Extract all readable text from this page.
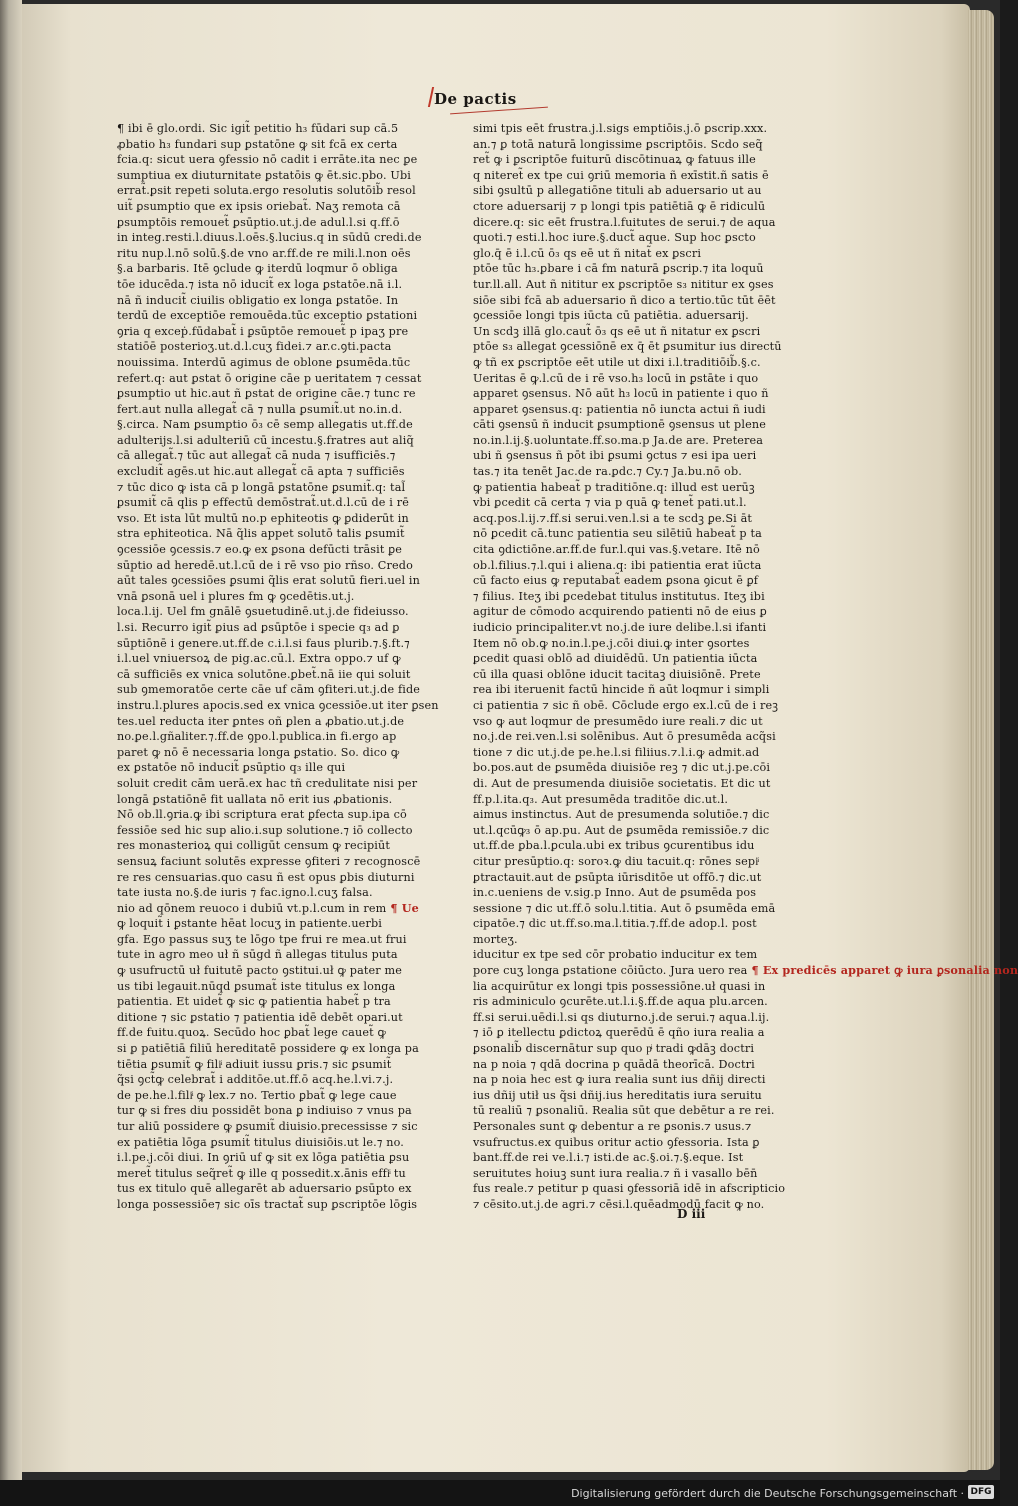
De pactis
¶ ibi ē glo.ordi. Sic igit̃ petitio h₃ fūdari sup cā.5
ꝓbatio h₃ fundari sup ꝑstatōne ꝙ sit fcā ex certa
fcia.q: sicut uera ꝯfessio nō cadit i errāte.ita nec ꝑe
sumptiua ex diuturnitate ꝑstatōis ꝙ ēt.sic.pbo. Ubi
errat̃.ꝑsit repeti soluta.ergo resolutis solutōib̃ resol
uit̃ ꝑsumptio que ex ipsis oriebat̃. Naʒ remota cā
ꝑsumptōis remouet̃ ꝑsūptio.ut.j.de adul.l.si q.ff.ō
in integ.resti.l.diuus.l.oēs.§.lucius.q in sūdū credi.de
ritu nup.l.nō solū.§.de vno ar.ff.de re mili.l.non oēs
§.a barbaris. Itē ꝯclude ꝙ iterdū loqmur ō obliga
tōe iducēda.⁊ ista nō iducit̃ ex loga ꝑstatōe.nā i.l.
nā ñ inducit̃ ciuilis obligatio ex longa ꝑstatōe. In
terdū de exceptiōe remouēda.tūc exceptio ꝑstationi
ꝯria q exceṗ.fūdabat̃ i ꝑsūptōe remouet̃ p ipaʒ pre
statiōē posterioʒ.ut.d.l.cuʒ fidei.⁊ ar.c.ꝯti.pacta
nouissima. Interdū agimus de oblone ꝑsumēda.tūc
refert.q: aut ꝑstat ō origine cāe p ueritatem ⁊ cessat
ꝑsumptio ut hic.aut ñ ꝑstat de origine cāe.⁊ tunc re
fert.aut nulla allegat̃ cā ⁊ nulla ꝑsumit̃.ut no.in.d.
§.circa. Nam ꝑsumptio ō₃ cē semp allegatis ut.ff.de
adulterijs.l.si adulteriū cū incestu.§.fratres aut aliq̃
cā allegat̃.⁊ tūc aut allegat̃ cā nuda ⁊ isufficiēs.⁊
excludit̃ agēs.ut hic.aut allegat̃ cā apta ⁊ sufficiēs
⁊ tūc dico ꝙ ista cā p longā ꝑstatōne ꝑsumit̃.q: tal̃
ꝑsumit̃ cā qlis p effectū demōstrat̃.ut.d.l.cū de i rē
vso. Et ista lūt multū no.p ephiteotis ꝙ ꝑdiderūt in
stra ephiteotica. Nā q̃lis appet solutō talis ꝑsumit̃
ꝯcessiōe ꝯcessis.⁊ eo.ꝙ ex ꝑsona defūcti trāsit ꝑe
sūptio ad heredē.ut.l.cū de i rē vso pio rñso. Credo
aūt tales ꝯcessiōes ꝑsumi q̃lis erat solutū fieri.uel in
vnā ꝑsonā uel i plures fm ꝙ ꝯcedētis.ut.j.
loca.l.ij. Uel fm gnālē ꝯsuetudinē.ut.j.de fideiusso.
l.si. Recurro igit̃ ꝑius ad ꝑsūptōe i specie q₃ ad ꝑ
sūptiōnē i genere.ut.ff.de c.i.l.si faus plurib.⁊.§.ft.⁊
i.l.uel vniuersoꝝ de pig.ac.cū.l. Extra oppo.⁊ uf ꝙ
cā sufficiēs ex vnica solutōne.ꝑbet̃.nā iie qui soluit
sub ꝯmemoratōe certe cāe uf cām ꝯfiteri.ut.j.de fide
instru.l.plures apocis.sed ex vnica ꝯcessiōe.ut iter ꝑsen
tes.uel reducta iter ꝑntes oñ ꝑlen a ꝓbatio.ut.j.de
no.ꝑe.l.gñaliter.⁊.ff.de ꝯpo.l.publica.in fi.ergo ap
paret ꝙ nō ē necessaria longa ꝑstatio. So. dico ꝙ
ex ꝑstatōe nō inducit̃ ꝑsūptio q₃ ille qui
soluit credit cām uerā.ex hac tñ credulitate nisi per
longā ꝑstatiōnē fit uallata nō erit ius ꝓbationis.
Nō ob.ll.ꝯria.ꝙ ibi scriptura erat ꝑfecta sup.ipa cō
fessiōe sed hic sup alio.i.sup solutione.⁊ iō collecto
res monasterioꝝ qui colligūt censum ꝙ recipiūt
sensuꝝ faciunt solutēs expresse ꝯfiteri ⁊ recognoscē
re res censuarias.quo casu ñ est opus ꝑbis diuturni
tate iusta no.§.de iuris ⁊ fac.igno.l.cuʒ falsa.
nio ad qōnem reuoco i dubiū vt.p.l.cum in rem ¶ Ue
ꝙ loquit̃ i ꝑstante hēat locuʒ in patiente.uerbi
gfa. Ego passus suʒ te lōgo tpe frui re mea.ut frui
tute in agro meo uł ñ sūgd ñ allegas titulus puta
ꝙ usufructū uł fuitutē pacto ꝯstitui.uł ꝙ pater me
us tibi legauit.nūqd ꝑsumat̃ iste titulus ex longa
patientia. Et uidet̃ ꝙ sic ꝙ patientia habet̃ p tra
ditione ⁊ sic ꝑstatio ⁊ patientia idē debēt opari.ut
ff.de fuitu.quoꝝ. Secūdo hoc ꝑbat̃ lege cauet̃ ꝙ
si ꝑ patiētiā filiū hereditatē possidere ꝙ ex longa pa
tiētia ꝑsumit̃ ꝙ filiͥ adiuit iussu ꝑris.⁊ sic ꝑsumit̃
q̃si ꝯct̃ꝙ celebrat̃ i additōe.ut.ff.ō acq.he.l.vi.⁊.j.
de pe.he.l.filiͥ ꝙ lex.⁊ no. Tertio ꝑbat̃ ꝙ lege caue
tur ꝙ si fres diu possidēt bona ꝑ indiuiso ⁊ vnus pa
tur aliū possidere ꝙ ꝑsumit̃ diuisio.precessisse ⁊ sic
ex patiētia lōga ꝑsumit̃ titulus diuisiōis.ut le.⁊ no.
i.l.pe.j.cōi diui. In ꝯriū uf ꝙ sit ex lōga patiētia ꝑsu
meret̃ titulus seq̃ret̃ ꝙ ille q possedit.x.ānis effiͥ tu
tus ex titulo quē allegarēt ab aduersario ꝑsūpto ex
longa possessiōe⁊ sic oīs tractat̃ sup ꝑscriptōe lōgis
simi tpis eēt frustra.j.l.sigs emptiōis.j.ō ꝑscrip.xxx.
an.⁊ ꝑ totā naturā longissime ꝑscriptōis. Scdo seq̃
ret̃ ꝙ i ꝑscriptōe fuiturū discōtinuaꝝ ꝙ fatuus ille
q niteret̃ ex tpe cui ꝯriū memoria ñ exīstit.ñ satis ē
sibi ꝯsultū p allegatiōne tituli ab aduersario ut au
ctore aduersarij ⁊ p longi tpis patiētiā ꝙ ē ridiculū
dicere.q: sic eēt frustra.l.fuitutes de serui.⁊ de aqua
quoti.⁊ esti.l.hoc iure.§.duct̃ aque. Sup hoc ꝑscto
glo.q̄ ē i.l.cū ō₃ qs eē ut ñ nitat̃ ex ꝑscri
ptōe tūc h₃.ꝑbare i cā fm naturā ꝑscrip.⁊ ita loquū
tur.ll.all. Aut ñ nititur ex ꝑscriptōe s₃ nititur ex ꝯses
siōe sibi fcā ab aduersario ñ dico a tertio.tūc tūt ēēt
ꝯcessiōe longi tpis iūcta cū patiētia. aduersarij.
Un scdꝫ illā glo.caut̃ ō₃ qs eē ut ñ nitatur ex ꝑscri
ptōe s₃ allegat ꝯcessiōnē ex q̄ ēt ꝑsumitur ius directū
ꝙ tñ ex ꝑscriptōe eēt utile ut dixi i.l.traditiōib̃.§.c.
Ueritas ē ꝙ.l.cū de i rē vso.h₃ locū in ꝑstāte i quo
apparet ꝯsensus. Nō aūt h₃ locū in patiente i quo ñ
apparet ꝯsensus.q: patientia nō iuncta actui ñ iudi
cāti ꝯsensū ñ inducit ꝑsumptionē ꝯsensus ut plene
no.in.l.ij.§.uoluntate.ff.so.ma.p Ja.de are. Preterea
ubi ñ ꝯsensus ñ pōt ibi ꝑsumi ꝯctus ⁊ esi ipa ueri
tas.⁊ ita tenēt Jac.de ra.ꝑdc.⁊ Cy.⁊ Ja.bu.nō ob.
ꝙ patientia habeat̃ p traditiōne.q: illud est uerūꝫ
vbi ꝑcedit cā certa ⁊ via p quā ꝙ tenet̃ pati.ut.l.
acq.pos.l.ij.⁊.ff.si serui.ven.l.si a te scdꝫ ꝑe.Si āt
nō ꝑcedit cā.tunc patientia seu silētiū habeat̃ p ta
cita ꝯdictiōne.ar.ff.de fur.l.qui vas.§.vetare. Itē nō
ob.l.filius.⁊.l.qui i aliena.q: ibi patientia erat iūcta
cū facto eius ꝙ reputabat̃ eadem ꝑsona ꝯicut ē ꝑf
⁊ filius. Iteʒ ibi ꝑcedebat titulus institutus. Iteʒ ibi
agitur de cōmodo acquirendo patienti nō de eius ꝑ
iudicio principaliter.vt no.j.de iure delibe.l.si ifanti
Item nō ob.ꝙ no.in.l.pe.j.cōi diui.ꝙ inter ꝯsortes
ꝑcedit quasi oblō ad diuidēdū. Un patientia iūcta
cū illa quasi oblōne iducit tacitaꝫ diuisiōnē. Prete
rea ibi iteruenit factū hincide ñ aūt loqmur i simpli
ci patientia ⁊ sic ñ obē. Cōclude ergo ex.l.cū de i reꝫ
vso ꝙ aut loqmur de presumēdo iure reali.⁊ dic ut
no.j.de rei.ven.l.si solēnibus. Aut ō presumēda acq̃si
tione ⁊ dic ut.j.de pe.he.l.si filiius.⁊.l.i.ꝙ admit.ad
bo.pos.aut de ꝑsumēda diuisiōe reꝫ ⁊ dic ut.j.pe.cōi
di. Aut de presumenda diuisiōe societatis. Et dic ut
ff.p.l.ita.q₃. Aut presumēda traditōe dic.ut.l.
aimus instinctus. Aut de presumenda solutiōe.⁊ dic
ut.l.qcūꝙ₃ ō ap.pu. Aut de ꝑsumēda remissiōe.⁊ dic
ut.ff.de ꝑba.l.ꝑcula.ubi ex tribus ꝯcurentibus idu
citur presūptio.q: soroꝛ.ꝙ diu tacuit.q: rōnes sepiͥ
ꝑtractauit.aut de ꝑsūpta iūrisditōe ut offō.⁊ dic.ut
in.c.ueniens de v.sig.p Inno. Aut de ꝑsumēda pos
sessione ⁊ dic ut.ff.ō solu.l.titia. Aut ō ꝑsumēda emā
cipatōe.⁊ dic ut.ff.so.ma.l.titia.⁊.ff.de adop.l. post
morteʒ.
iducitur ex tpe sed cōr probatio inducitur ex tem
pore cuʒ longa ꝑstatione cōiūcto. Jura uero rea ¶ Ex predicēs apparet ꝙ iura ꝑsonalia non
lia acquirūtur ex longi tpis possessiōne.uł quasi in
ris adminiculo ꝯcurēte.ut.l.i.§.ff.de aqua plu.arcen.
ff.si serui.uēdi.l.si qs diuturno.j.de serui.⁊ aqua.l.ij.
⁊ iō ꝑ itellectu ꝑdictoꝝ querēdū ē qño iura realia a
ꝑsonalib̃ discernātur sup quo pͥ tradi ꝙdāꝫ doctri
na p noia ⁊ qdā docrina p quādā theorīcā. Doctri
na p noia hec est ꝙ iura realia sunt ius dñij directi
ius dñij utił us q̃si dñij.ius hereditatis iura seruitu
tū realiū ⁊ ꝑsonaliū. Realia sūt que debētur a re rei.
Personales sunt ꝙ debentur a re ꝑsonis.⁊ usus.⁊
vsufructus.ex quibus oritur actio ꝯfessoria. Ista ꝑ
bant.ff.de rei ve.l.i.⁊ isti.de ac.§.oi.⁊.§.eque. Ist
seruitutes hoiuꝫ sunt iura realia.⁊ ñ i vasallo bēn̄
fus reale.⁊ petitur p quasi ꝯfessoriā idē in afscripticio
⁊ cēsito.ut.j.de agri.⁊ cēsi.l.quēadmodū facit ꝙ no.
D iii
Digitalisierung gefördert durch die Deutsche Forschungsgemeinschaft · DFG
